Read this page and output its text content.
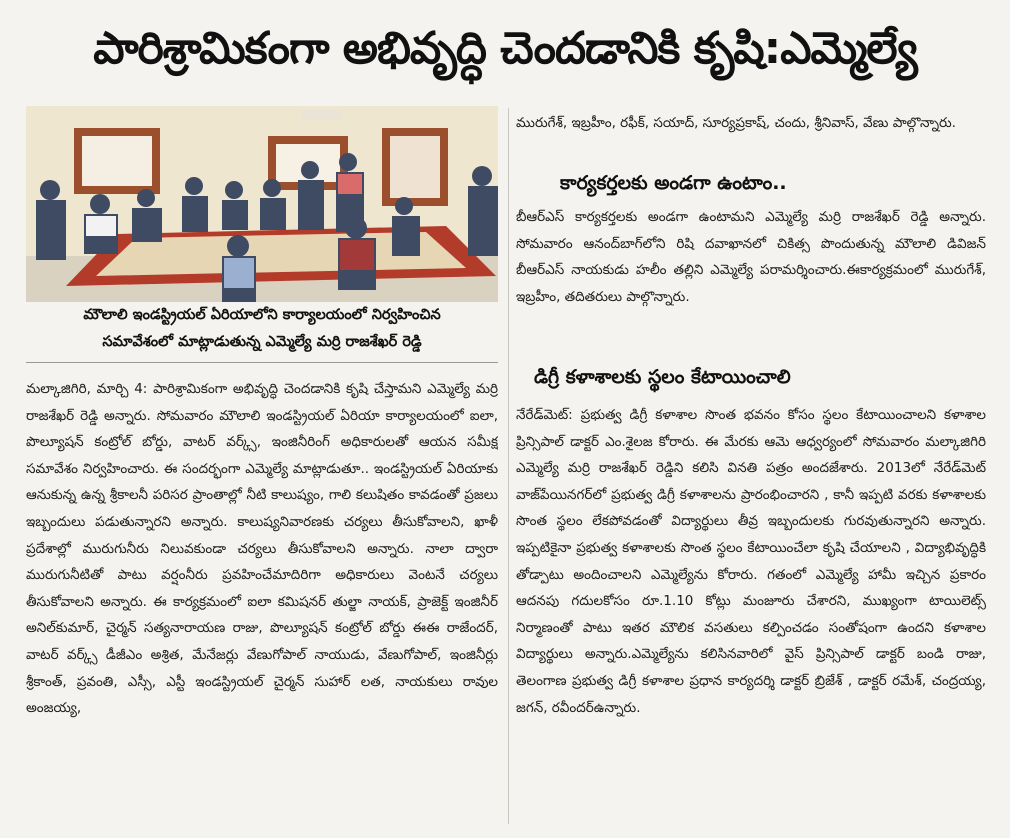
పారిశ్రామికంగా అభివృద్ధి చెందడానికి కృషి:ఎమ్మెల్యే

మౌలాలి ఇండస్ట్రియల్ ఏరియాలోని కార్యాలయంలో నిర్వహించిన

సమావేశంలో మాట్లాడుతున్న ఎమ్మెల్యే మర్రి రాజశేఖర్ రెడ్డి

మల్కాజిగిరి, మార్చి 4: పారిశ్రామికంగా అభివృద్ధి చెందడానికి కృషి చేస్తామని ఎమ్మెల్యే మర్రి రాజశేఖర్ రెడ్డి అన్నారు. సోమవారం మౌలాలి ఇండస్ట్రియల్ ఏరియా కార్యాలయంలో ఐలా, పొల్యూషన్ కంట్రోల్ బోర్డు, వాటర్ వర్క్స్, ఇంజినీరింగ్ అధికారులతో ఆయన సమీక్ష సమావేశం నిర్వహించారు. ఈ సందర్భంగా ఎమ్మెల్యే మాట్లాడుతూ.. ఇండస్ట్రియల్ ఏరియాకు ఆనుకున్న ఉన్న శ్రీకాలనీ పరిసర ప్రాంతాల్లో నీటి కాలుష్యం, గాలి కలుషితం కావడంతో ప్రజలు ఇబ్బందులు పడుతున్నారని అన్నారు. కాలుష్యనివారణకు చర్యలు తీసుకోవాలని, ఖాళీ ప్రదేశాల్లో మురుగునీరు నిలువకుండా చర్యలు తీసుకోవాలని అన్నారు. నాలా ద్వారా మురుగునీటితో పాటు వర్షంనీరు ప్రవహించేమాదిరిగా అధికారులు వెంటనే చర్యలు తీసుకోవాలని అన్నారు. ఈ కార్యక్రమంలో ఐలా కమిషనర్ తుల్జా నాయక్, ప్రాజెక్ట్ ఇంజినీర్ అనిల్‌కుమార్, చైర్మన్ సత్యనారాయణ రాజు, పొల్యూషన్ కంట్రోల్ బోర్డు ఈఈ రాజేందర్, వాటర్ వర్క్స్ డీజీఎం అశ్రిత, మేనేజర్లు వేణుగోపాల్ నాయుడు, వేణుగోపాల్, ఇంజినీర్లు శ్రీకాంత్, ప్రవంతి, ఎస్సీ, ఎస్టీ ఇండస్ట్రియల్ చైర్మన్ సుహార్ లత, నాయకులు రావుల అంజయ్య,

మురుగేశ్, ఇబ్రహీం, రఫీక్, సయాద్, సూర్యప్రకాష్, చందు, శ్రీనివాస్, వేణు పాల్గొన్నారు.

కార్యకర్తలకు అండగా ఉంటాం..

బీఆర్ఎస్ కార్యకర్తలకు అండగా ఉంటామని ఎమ్మెల్యే మర్రి రాజశేఖర్ రెడ్డి అన్నారు. సోమవారం ఆనంద్‌బాగ్‌లోని రిషి దవాఖానలో చికిత్స పొందుతున్న మౌలాలి డివిజన్ బీఆర్ఎస్ నాయకుడు హలీం తల్లిని ఎమ్మెల్యే పరామర్శించారు.ఈకార్యక్రమంలో మురుగేశ్, ఇబ్రహీం, తదితరులు పాల్గొన్నారు.

డిగ్రీ కళాశాలకు స్థలం కేటాయించాలి

నేరేడ్‌మెట్: ప్రభుత్వ డిగ్రీ కళాశాల సొంత భవనం కోసం స్థలం కేటాయించాలని కళాశాల ప్రిన్సిపాల్ డాక్టర్ ఎం.శైలజ కోరారు. ఈ మేరకు ఆమె ఆధ్వర్యంలో సోమవారం మల్కాజిగిరి ఎమ్మెల్యే మర్రి రాజశేఖర్ రెడ్డిని కలిసి వినతి పత్రం అందజేశారు. 2013లో నేరేడ్‌మెట్ వాజ్‌పేయినగర్‌లో ప్రభుత్వ డిగ్రీ కళాశాలను ప్రారంభించారని , కానీ ఇప్పటి వరకు కళాశాలకు సొంత స్థలం లేకపోవడంతో విద్యార్థులు తీవ్ర ఇబ్బందులకు గురవుతున్నారని అన్నారు. ఇప్పటికైనా ప్రభుత్వ కళాశాలకు సొంత స్థలం కేటాయించేలా కృషి చేయాలని , విద్యాభివృద్ధికి తోడ్పాటు అందించాలని ఎమ్మెల్యేను కోరారు. గతంలో ఎమ్మెల్యే హామీ ఇచ్చిన ప్రకారం ఆదనపు గదులకోసం రూ.1.10 కోట్లు మంజూరు చేశారని, ముఖ్యంగా టాయిలెట్స్ నిర్మాణంతో పాటు ఇతర మౌలిక వసతులు కల్పించడం సంతోషంగా ఉందని కళాశాల విద్యార్థులు అన్నారు.ఎమ్మెల్యేను కలిసినవారిలో వైస్ ప్రిన్సిపాల్ డాక్టర్ బండి రాజు, తెలంగాణ ప్రభుత్వ డిగ్రీ కళాశాల ప్రధాన కార్యదర్శి డాక్టర్ బ్రిజేశ్ , డాక్టర్ రమేశ్, చంద్రయ్య, జగన్, రవీందర్‌ఉన్నారు.
